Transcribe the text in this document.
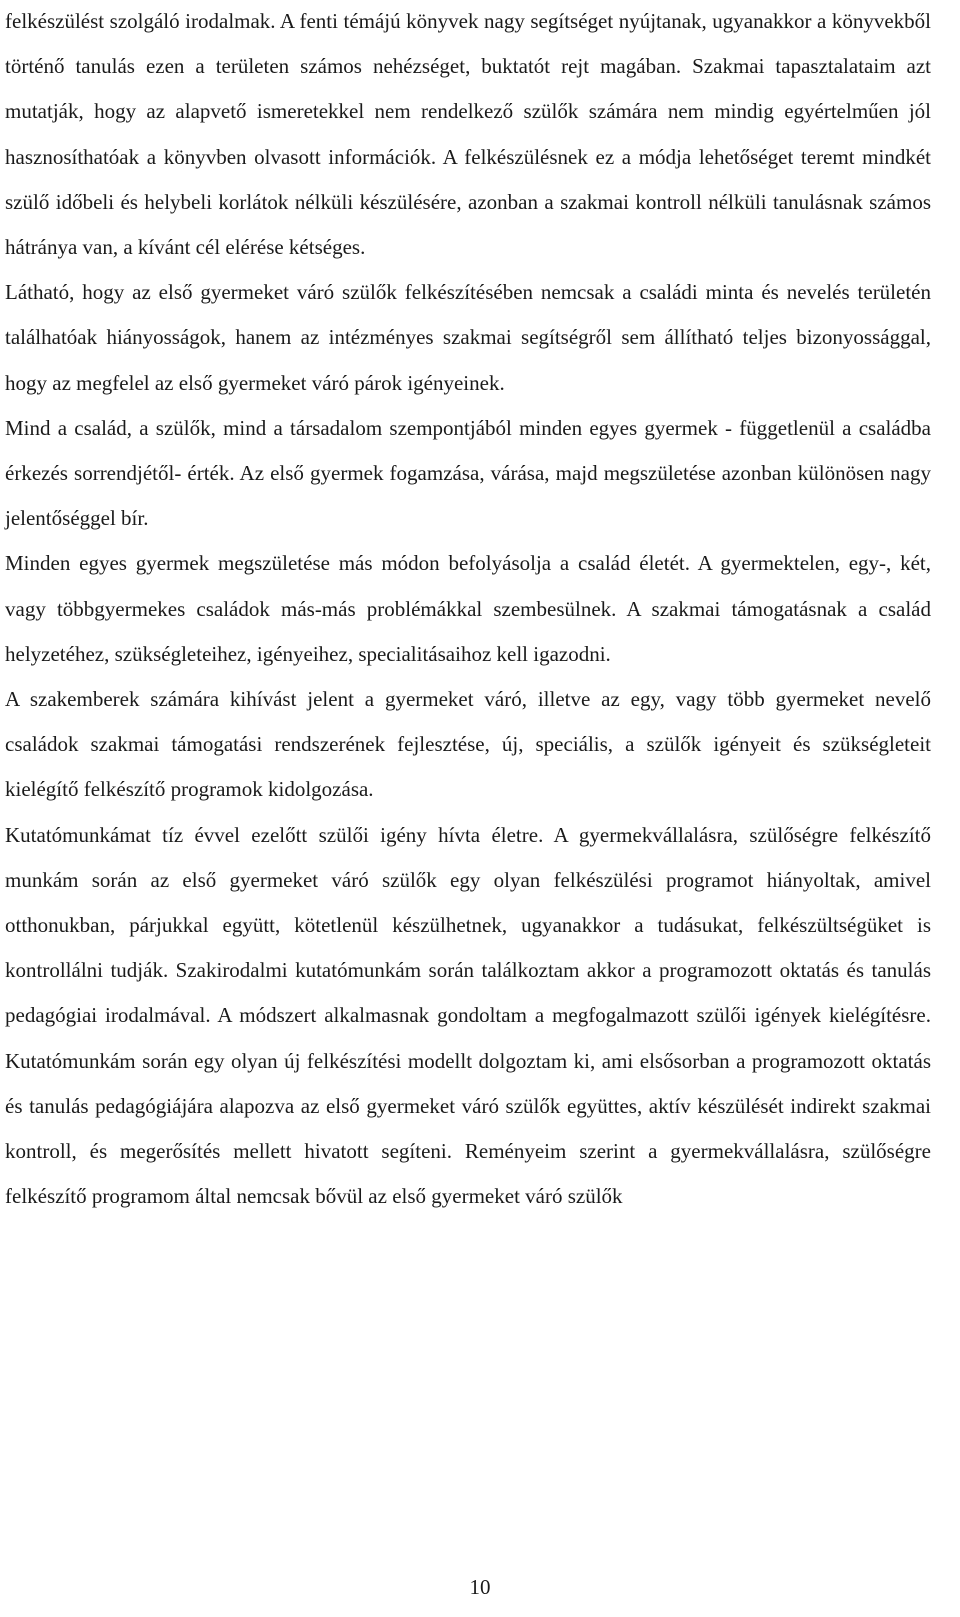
felkészülést szolgáló irodalmak. A fenti témájú könyvek nagy segítséget nyújtanak, ugyanakkor a könyvekből történő tanulás ezen a területen számos nehézséget, buktatót rejt magában. Szakmai tapasztalataim azt mutatják, hogy az alapvető ismeretekkel nem rendelkező szülők számára nem mindig egyértelműen jól hasznosíthatóak a könyvben olvasott információk. A felkészülésnek ez a módja lehetőséget teremt mindkét szülő időbeli és helybeli korlátok nélküli készülésére, azonban a szakmai kontroll nélküli tanulásnak számos hátránya van, a kívánt cél elérése kétséges.

Látható, hogy az első gyermeket váró szülők felkészítésében nemcsak a családi minta és nevelés területén találhatóak hiányosságok, hanem az intézményes szakmai segítségről sem állítható teljes bizonyossággal, hogy az megfelel az első gyermeket váró párok igényeinek.

Mind a család, a szülők, mind a társadalom szempontjából minden egyes gyermek - függetlenül a családba érkezés sorrendjétől- érték. Az első gyermek fogamzása, várása, majd megszületése azonban különösen nagy jelentőséggel bír.

Minden egyes gyermek megszületése más módon befolyásolja a család életét. A gyermektelen, egy-, két, vagy többgyermekes családok más-más problémákkal szembesülnek. A szakmai támogatásnak a család helyzetéhez, szükségleteihez, igényeihez, specialitásaihoz kell igazodni.

A szakemberek számára kihívást jelent a gyermeket váró, illetve az egy, vagy több gyermeket nevelő családok szakmai támogatási rendszerének fejlesztése, új, speciális, a szülők igényeit és szükségleteit kielégítő felkészítő programok kidolgozása.

Kutatómunkámat tíz évvel ezelőtt szülői igény hívta életre. A gyermekvállalásra, szülőségre felkészítő munkám során az első gyermeket váró szülők egy olyan felkészülési programot hiányoltak, amivel otthonukban, párjukkal együtt, kötetlenül készülhetnek, ugyanakkor a tudásukat, felkészültségüket is kontrollálni tudják. Szakirodalmi kutatómunkám során találkoztam akkor a programozott oktatás és tanulás pedagógiai irodalmával. A módszert alkalmasnak gondoltam a megfogalmazott szülői igények kielégítésre. Kutatómunkám során egy olyan új felkészítési modellt dolgoztam ki, ami elsősorban a programozott oktatás és tanulás pedagógiájára alapozva az első gyermeket váró szülők együttes, aktív készülését indirekt szakmai kontroll, és megerősítés mellett hivatott segíteni. Reményeim szerint a gyermekvállalásra, szülőségre felkészítő programom által nemcsak bővül az első gyermeket váró szülők

10
